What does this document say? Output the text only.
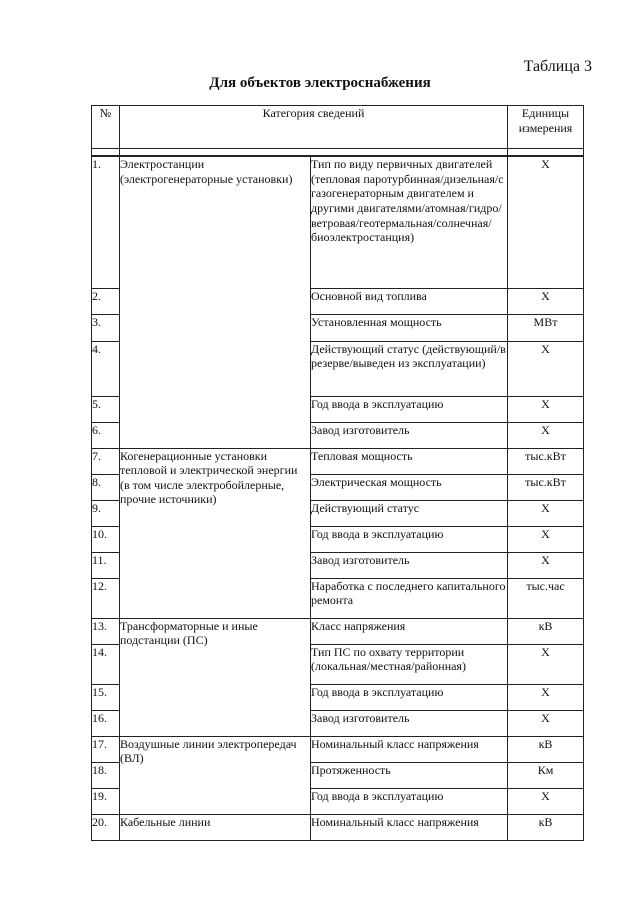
Таблица 3
Для объектов электроснабжения
№	Категория сведений		Единицы измерения

1.	Электростанции (электрогенераторные установки)	Тип по виду первичных двигателей (тепловая паротурбинная/дизельная/с газогенераторным двигателем и другими двигателями/атомная/гидро/ветровая/геотермальная/солнечная/биоэлектростанция)	X
2.		Основной вид топлива	X
3.		Установленная мощность	МВт
4.		Действующий статус (действующий/в резерве/выведен из эксплуатации)	X
5.		Год ввода в эксплуатацию	X
6.		Завод изготовитель	X
7.	Когенерационные установки тепловой и электрической энергии (в том числе электробойлерные, прочие источники)	Тепловая мощность	тыс.кВт
8.		Электрическая мощность	тыс.кВт
9.		Действующий статус	X
10.		Год ввода в эксплуатацию	X
11.		Завод изготовитель	X
12.		Наработка с последнего капитального ремонта	тыс.час
13.	Трансформаторные и иные подстанции (ПС)	Класс напряжения	кВ
14.		Тип ПС по охвату территории (локальная/местная/районная)	X
15.		Год ввода в эксплуатацию	X
16.		Завод изготовитель	X
17.	Воздушные линии электропередач (ВЛ)	Номинальный класс напряжения	кВ
18.		Протяженность	Км
19.		Год ввода в эксплуатацию	X
20.	Кабельные линии	Номинальный класс напряжения	кВ
